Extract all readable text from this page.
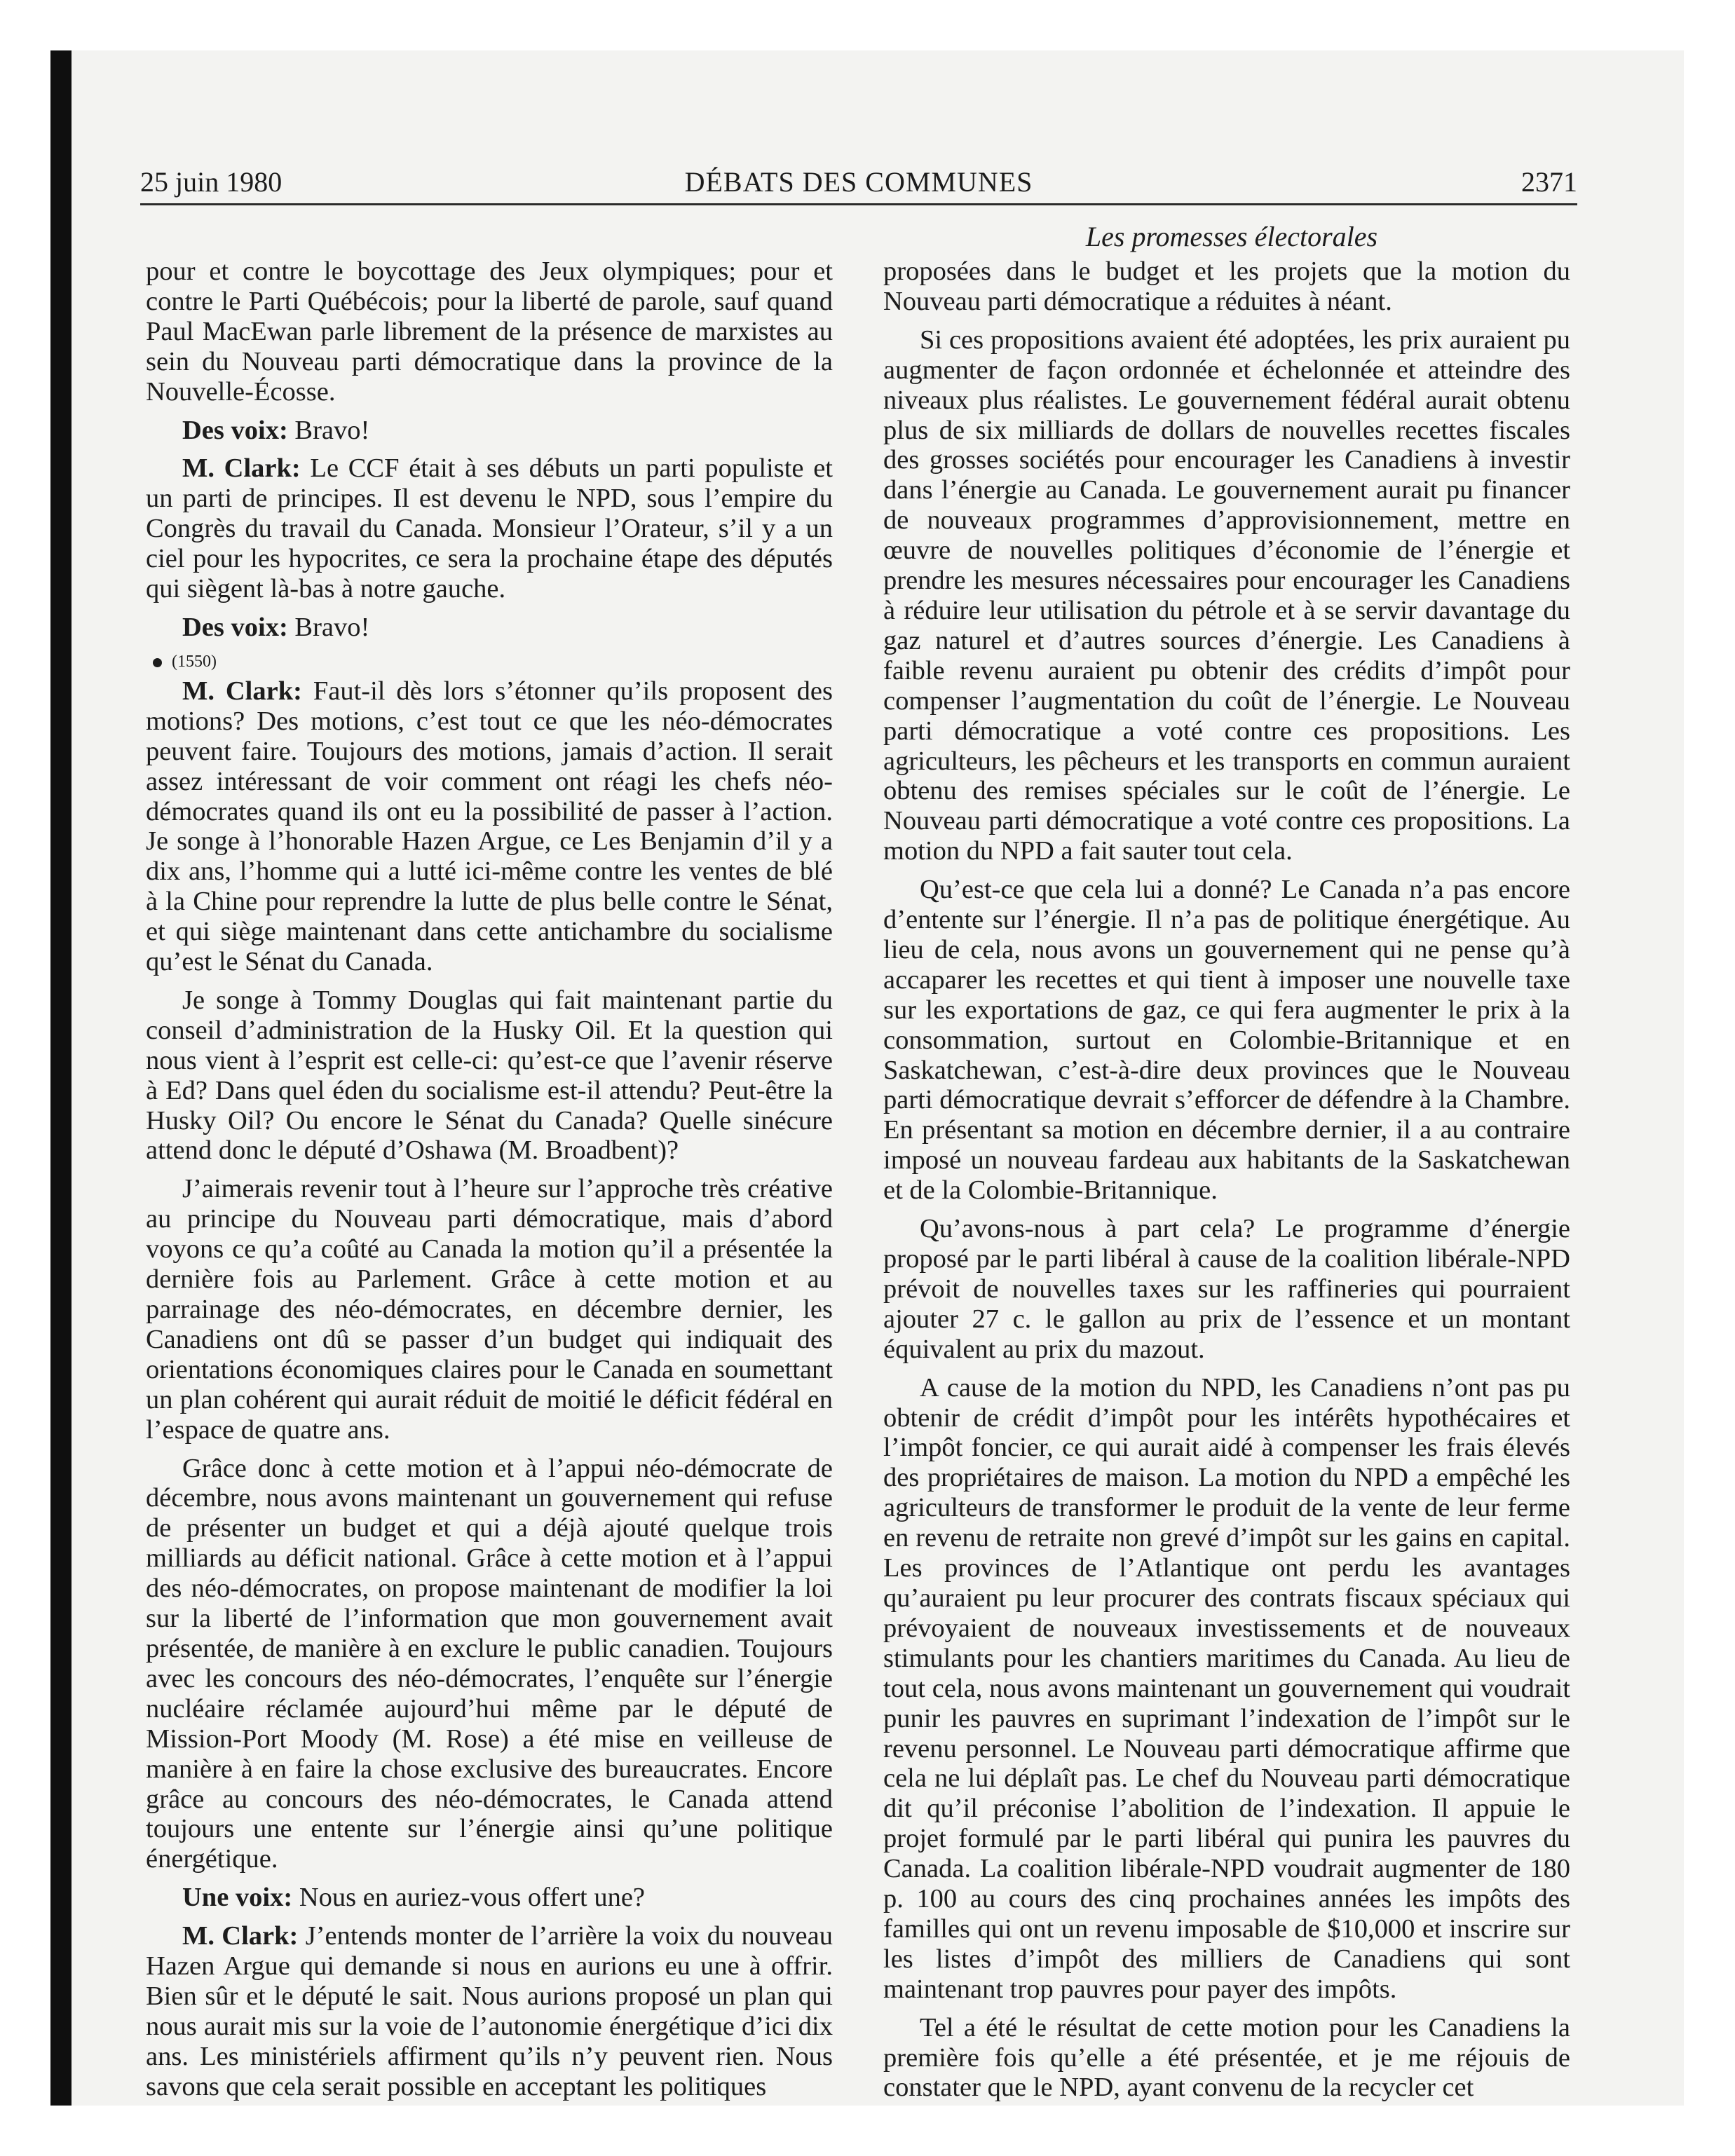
25 juin 1980	DÉBATS DES COMMUNES	2371
Les promesses électorales

pour et contre le boycottage des Jeux olympiques; pour et contre le Parti Québécois; pour la liberté de parole, sauf quand Paul MacEwan parle librement de la présence de marxistes au sein du Nouveau parti démocratique dans la province de la Nouvelle-Écosse.

Des voix: Bravo!

M. Clark: Le CCF était à ses débuts un parti populiste et un parti de principes. Il est devenu le NPD, sous l’empire du Congrès du travail du Canada. Monsieur l’Orateur, s’il y a un ciel pour les hypocrites, ce sera la prochaine étape des députés qui siègent là-bas à notre gauche.

Des voix: Bravo!

(1550)

M. Clark: Faut-il dès lors s’étonner qu’ils proposent des motions? Des motions, c’est tout ce que les néo-démocrates peuvent faire. Toujours des motions, jamais d’action. Il serait assez intéressant de voir comment ont réagi les chefs néo-démocrates quand ils ont eu la possibilité de passer à l’action. Je songe à l’honorable Hazen Argue, ce Les Benjamin d’il y a dix ans, l’homme qui a lutté ici-même contre les ventes de blé à la Chine pour reprendre la lutte de plus belle contre le Sénat, et qui siège maintenant dans cette antichambre du socialisme qu’est le Sénat du Canada.

Je songe à Tommy Douglas qui fait maintenant partie du conseil d’administration de la Husky Oil. Et la question qui nous vient à l’esprit est celle-ci: qu’est-ce que l’avenir réserve à Ed? Dans quel éden du socialisme est-il attendu? Peut-être la Husky Oil? Ou encore le Sénat du Canada? Quelle sinécure attend donc le député d’Oshawa (M. Broadbent)?

J’aimerais revenir tout à l’heure sur l’approche très créative au principe du Nouveau parti démocratique, mais d’abord voyons ce qu’a coûté au Canada la motion qu’il a présentée la dernière fois au Parlement. Grâce à cette motion et au parrainage des néo-démocrates, en décembre dernier, les Canadiens ont dû se passer d’un budget qui indiquait des orientations économiques claires pour le Canada en soumettant un plan cohérent qui aurait réduit de moitié le déficit fédéral en l’espace de quatre ans.

Grâce donc à cette motion et à l’appui néo-démocrate de décembre, nous avons maintenant un gouvernement qui refuse de présenter un budget et qui a déjà ajouté quelque trois milliards au déficit national. Grâce à cette motion et à l’appui des néo-démocrates, on propose maintenant de modifier la loi sur la liberté de l’information que mon gouvernement avait présentée, de manière à en exclure le public canadien. Toujours avec les concours des néo-démocrates, l’enquête sur l’énergie nucléaire réclamée aujourd’hui même par le député de Mission-Port Moody (M. Rose) a été mise en veilleuse de manière à en faire la chose exclusive des bureaucrates. Encore grâce au concours des néo-démocrates, le Canada attend toujours une entente sur l’énergie ainsi qu’une politique énergétique.

Une voix: Nous en auriez-vous offert une?

M. Clark: J’entends monter de l’arrière la voix du nouveau Hazen Argue qui demande si nous en aurions eu une à offrir. Bien sûr et le député le sait. Nous aurions proposé un plan qui nous aurait mis sur la voie de l’autonomie énergétique d’ici dix ans. Les ministériels affirment qu’ils n’y peuvent rien. Nous savons que cela serait possible en acceptant les politiques

proposées dans le budget et les projets que la motion du Nouveau parti démocratique a réduites à néant.

Si ces propositions avaient été adoptées, les prix auraient pu augmenter de façon ordonnée et échelonnée et atteindre des niveaux plus réalistes. Le gouvernement fédéral aurait obtenu plus de six milliards de dollars de nouvelles recettes fiscales des grosses sociétés pour encourager les Canadiens à investir dans l’énergie au Canada. Le gouvernement aurait pu financer de nouveaux programmes d’approvisionnement, mettre en œuvre de nouvelles politiques d’économie de l’énergie et prendre les mesures nécessaires pour encourager les Canadiens à réduire leur utilisation du pétrole et à se servir davantage du gaz naturel et d’autres sources d’énergie. Les Canadiens à faible revenu auraient pu obtenir des crédits d’impôt pour compenser l’augmentation du coût de l’énergie. Le Nouveau parti démocratique a voté contre ces propositions. Les agriculteurs, les pêcheurs et les transports en commun auraient obtenu des remises spéciales sur le coût de l’énergie. Le Nouveau parti démocratique a voté contre ces propositions. La motion du NPD a fait sauter tout cela.

Qu’est-ce que cela lui a donné? Le Canada n’a pas encore d’entente sur l’énergie. Il n’a pas de politique énergétique. Au lieu de cela, nous avons un gouvernement qui ne pense qu’à accaparer les recettes et qui tient à imposer une nouvelle taxe sur les exportations de gaz, ce qui fera augmenter le prix à la consommation, surtout en Colombie-Britannique et en Saskatchewan, c’est-à-dire deux provinces que le Nouveau parti démocratique devrait s’efforcer de défendre à la Chambre. En présentant sa motion en décembre dernier, il a au contraire imposé un nouveau fardeau aux habitants de la Saskatchewan et de la Colombie-Britannique.

Qu’avons-nous à part cela? Le programme d’énergie proposé par le parti libéral à cause de la coalition libérale-NPD prévoit de nouvelles taxes sur les raffineries qui pourraient ajouter 27 c. le gallon au prix de l’essence et un montant équivalent au prix du mazout.

A cause de la motion du NPD, les Canadiens n’ont pas pu obtenir de crédit d’impôt pour les intérêts hypothécaires et l’impôt foncier, ce qui aurait aidé à compenser les frais élevés des propriétaires de maison. La motion du NPD a empêché les agriculteurs de transformer le produit de la vente de leur ferme en revenu de retraite non grevé d’impôt sur les gains en capital. Les provinces de l’Atlantique ont perdu les avantages qu’auraient pu leur procurer des contrats fiscaux spéciaux qui prévoyaient de nouveaux investissements et de nouveaux stimulants pour les chantiers maritimes du Canada. Au lieu de tout cela, nous avons maintenant un gouvernement qui voudrait punir les pauvres en suprimant l’indexation de l’impôt sur le revenu personnel. Le Nouveau parti démocratique affirme que cela ne lui déplaît pas. Le chef du Nouveau parti démocratique dit qu’il préconise l’abolition de l’indexation. Il appuie le projet formulé par le parti libéral qui punira les pauvres du Canada. La coalition libérale-NPD voudrait augmenter de 180 p. 100 au cours des cinq prochaines années les impôts des familles qui ont un revenu imposable de $10,000 et inscrire sur les listes d’impôt des milliers de Canadiens qui sont maintenant trop pauvres pour payer des impôts.

Tel a été le résultat de cette motion pour les Canadiens la première fois qu’elle a été présentée, et je me réjouis de constater que le NPD, ayant convenu de la recycler cet
